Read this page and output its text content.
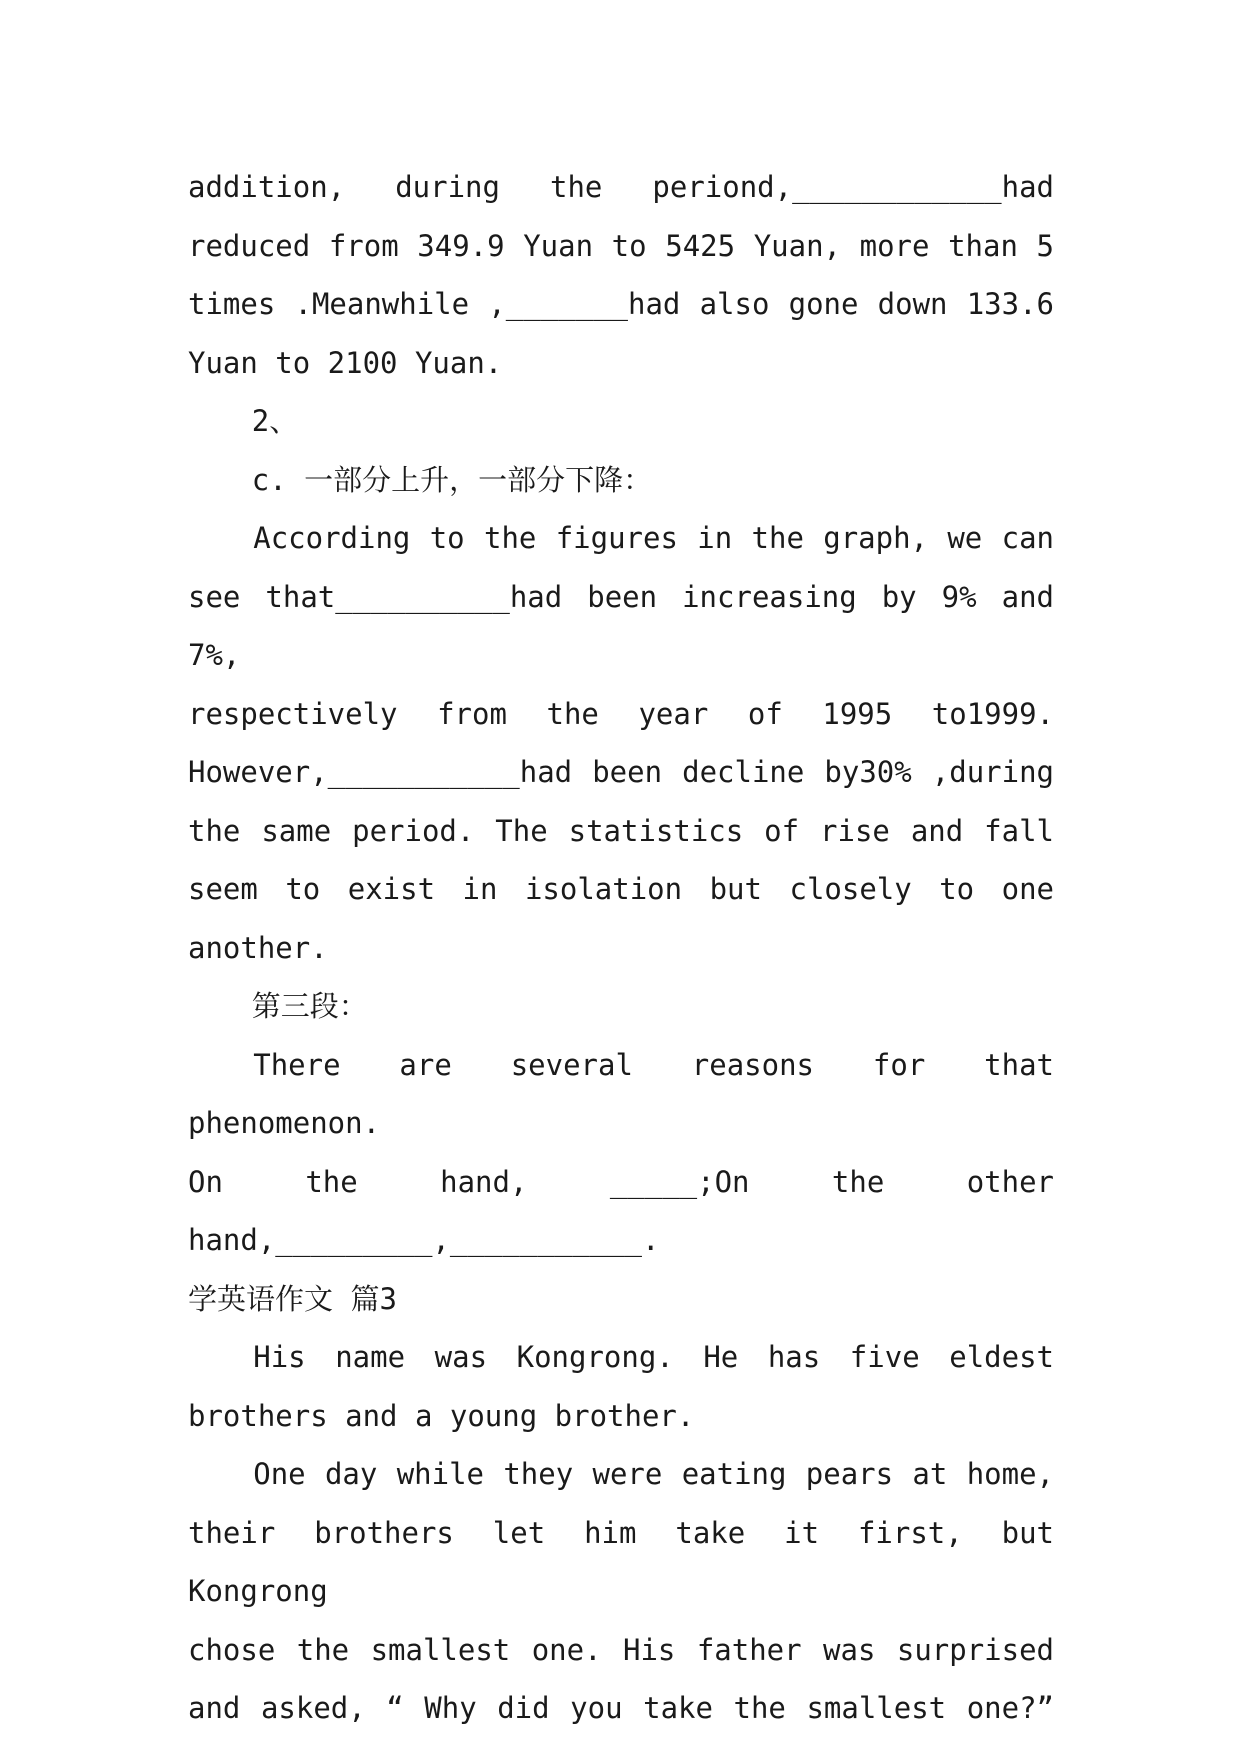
addition, during the periond,____________had
reduced from 349.9 Yuan to 5425 Yuan, more than 5
times .Meanwhile ,_______had also gone down 133.6
Yuan to 2100 Yuan.
2、
c. 一部分上升，一部分下降：
According to the figures in the graph, we can
see that__________had been increasing by 9% and 7%,
respectively from the year of 1995 to1999.
However,___________had been decline by30% ,during
the same period. The statistics of rise and fall
seem to exist in isolation but closely to one
another.
第三段：
There are several reasons for that phenomenon.
On the hand, _____;On the other
hand,_________,___________.
学英语作文 篇3
His name was Kongrong. He has five eldest
brothers and a young brother.
One day while they were eating pears at home,
their brothers let him take it first, but Kongrong
chose the smallest one. His father was surprised
and asked, “ Why did you take the smallest one?”
